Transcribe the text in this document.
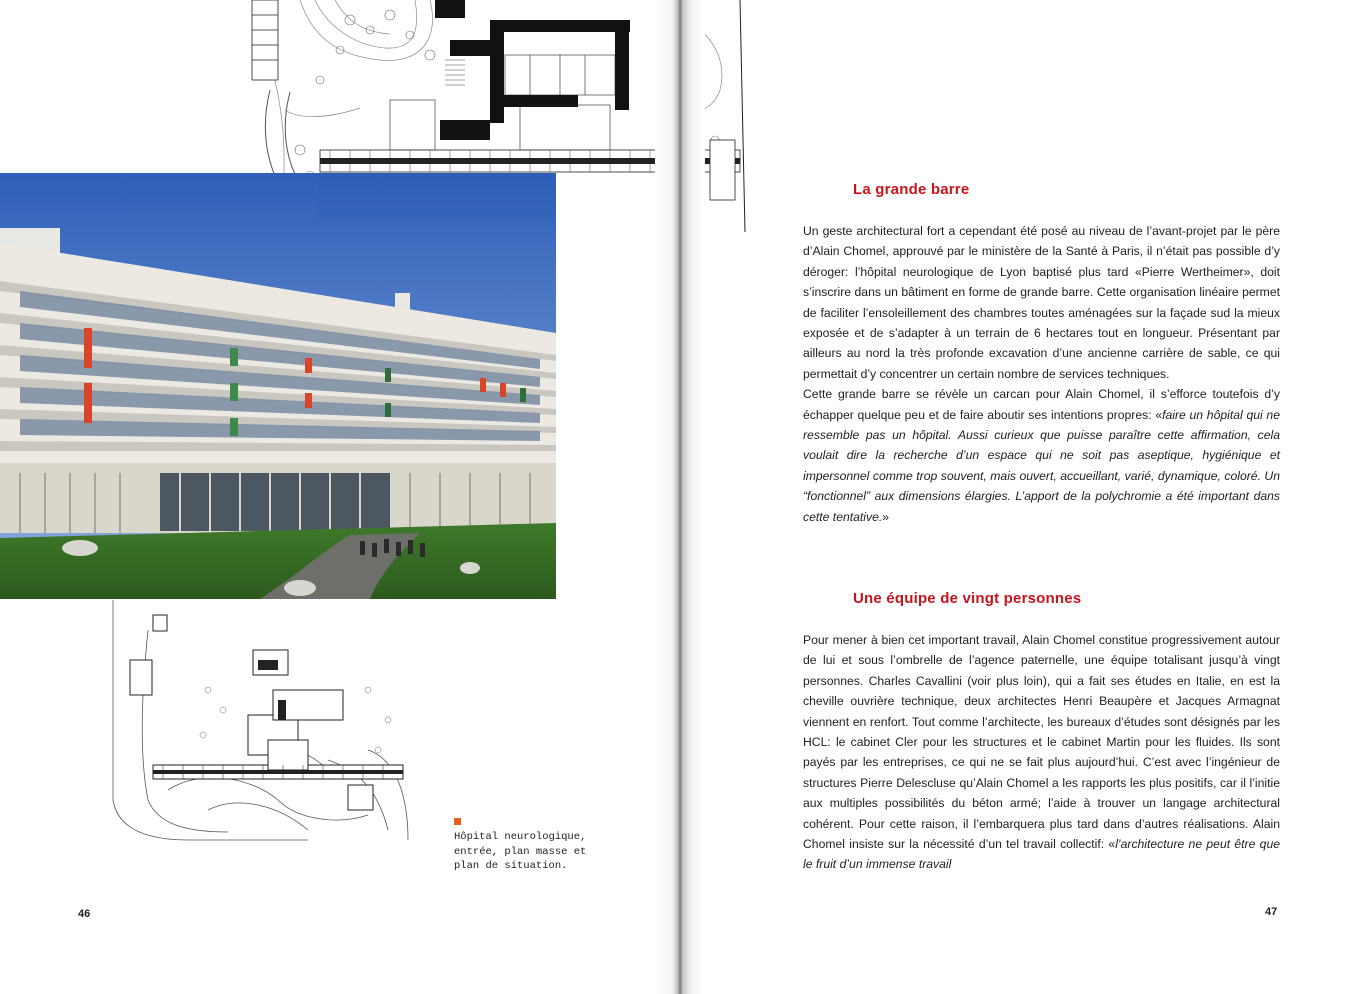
Hôpital neurologique,
entrée, plan masse et
plan de situation.
46	47
La grande barre

Un geste architectural fort a cependant été posé au niveau de l’avant-projet par le père d’Alain Chomel, approuvé par le ministère de la Santé à Paris, il n’était pas possible d’y déroger: l’hôpital neurologique de Lyon baptisé plus tard «Pierre Wertheimer», doit s’inscrire dans un bâtiment en forme de grande barre. Cette organisation linéaire permet de faciliter l’ensoleillement des chambres toutes aménagées sur la façade sud la mieux exposée et de s’adapter à un terrain de 6 hectares tout en longueur. Présentant par ailleurs au nord la très profonde excavation d’une ancienne carrière de sable, ce qui permettait d’y concentrer un certain nombre de services techniques.

Cette grande barre se révèle un carcan pour Alain Chomel, il s’efforce toutefois d’y échapper quelque peu et de faire aboutir ses intentions propres: «faire un hôpital qui ne ressemble pas un hôpital. Aussi curieux que puisse paraître cette affirmation, cela voulait dire la recherche d’un espace qui ne soit pas aseptique, hygiénique et impersonnel comme trop souvent, mais ouvert, accueillant, varié, dynamique, coloré. Un “fonctionnel” aux dimensions élargies. L’apport de la polychromie a été important dans cette tentative.»

Une équipe de vingt personnes

Pour mener à bien cet important travail, Alain Chomel constitue progressivement autour de lui et sous l’ombrelle de l’agence paternelle, une équipe totalisant jusqu’à vingt personnes. Charles Cavallini (voir plus loin), qui a fait ses études en Italie, en est la cheville ouvrière technique, deux architectes Henri Beaupère et Jacques Armagnat viennent en renfort. Tout comme l’architecte, les bureaux d’études sont désignés par les HCL: le cabinet Cler pour les structures et le cabinet Martin pour les fluides. Ils sont payés par les entreprises, ce qui ne se fait plus aujourd’hui. C’est avec l’ingénieur de structures Pierre Delescluse qu’Alain Chomel a les rapports les plus positifs, car il l’initie aux multiples possibilités du béton armé; l’aide à trouver un langage architectural cohérent. Pour cette raison, il l’embarquera plus tard dans d’autres réalisations. Alain Chomel insiste sur la nécessité d’un tel travail collectif: «l’architecture ne peut être que le fruit d’un immense travail
